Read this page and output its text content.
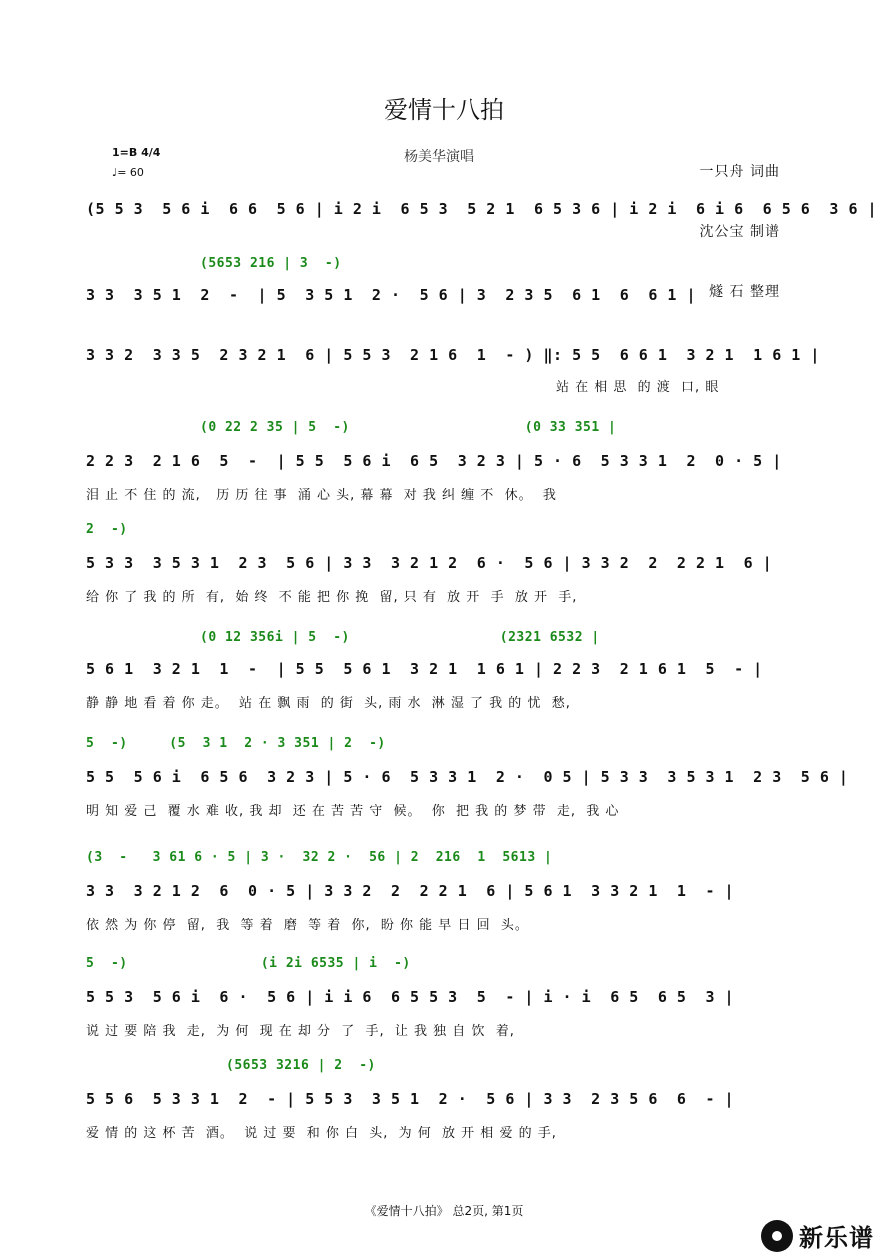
爱情十八拍

一只舟 词曲

沈公宝 制谱

燧 石 整理

1=B 4/4
♩= 60
杨美华演唱
(5 5 3  5 6 i  6 6  5 6 | i 2 i  6 5 3  5 2 1  6 5 3 6 | i 2 i  6 i 6  6 5 6  3 6 |
(5653 216 | 3  -)
3 3  3 5 1  2  -  | 5  3 5 1  2 ·  5 6 | 3  2 3 5  6 1  6  6 1 |
3 3 2  3 3 5  2 3 2 1  6 | 5 5 3  2 1 6  1  - ) ‖: 5 5  6 6 1  3 2 1  1 6 1 |
站 在 相 思  的 渡  口, 眼
(0 22 2 35 | 5  -)                     (0 33 351 |
2 2 3  2 1 6  5  -  | 5 5  5 6 i  6 5  3 2 3 | 5 · 6  5 3 3 1  2  0 · 5 |
泪 止 不 住 的 流,   历 历 往 事  涌 心 头, 幕 幕  对 我 纠 缠 不  休。  我
2  -)
5 3 3  3 5 3 1  2 3  5 6 | 3 3  3 2 1 2  6 ·  5 6 | 3 3 2  2  2 2 1  6 |
给 你 了 我 的 所  有,  始 终  不 能 把 你 挽  留, 只 有  放 开  手  放 开  手,
(0 12 356i | 5  -)                  (2321 6532 |
5 6 1  3 2 1  1  -  | 5 5  5 6 1  3 2 1  1 6 1 | 2 2 3  2 1 6 1  5  - |
静 静 地 看 着 你 走。  站 在 飘 雨  的 街  头, 雨 水  淋 湿 了 我 的 忧  愁,
5  -)     (5  3 1  2 · 3 351 | 2  -)
5 5  5 6 i  6 5 6  3 2 3 | 5 · 6  5 3 3 1  2 ·  0 5 | 5 3 3  3 5 3 1  2 3  5 6 |
明 知 爱 己  覆 水 难 收, 我 却  还 在 苦 苦 守  候。  你  把 我 的 梦 带  走,  我 心
(3  -   3 61 6 · 5 | 3 ·  32 2 ·  56 | 2  216  1  5613 |
3 3  3 2 1 2  6  0 · 5 | 3 3 2  2  2 2 1  6 | 5 6 1  3 3 2 1  1  - |
依 然 为 你 停  留,  我  等 着  磨  等 着  你,  盼 你 能 早 日 回  头。
5  -)                (i 2i 6535 | i  -)
5 5 3  5 6 i  6 ·  5 6 | i i 6  6 5 5 3  5  - | i · i  6 5  6 5  3 |
说 过 要 陪 我  走,  为 何  现 在 却 分  了  手,  让 我 独 自 饮  着,
(5653 3216 | 2  -)
5 5 6  5 3 3 1  2  - | 5 5 3  3 5 1  2 ·  5 6 | 3 3  2 3 5 6  6  - |
爱 情 的 这 杯 苦  酒。  说 过 要  和 你 白  头,  为 何  放 开 相 爱 的 手,
《爱情十八拍》 总2页, 第1页
新乐谱
